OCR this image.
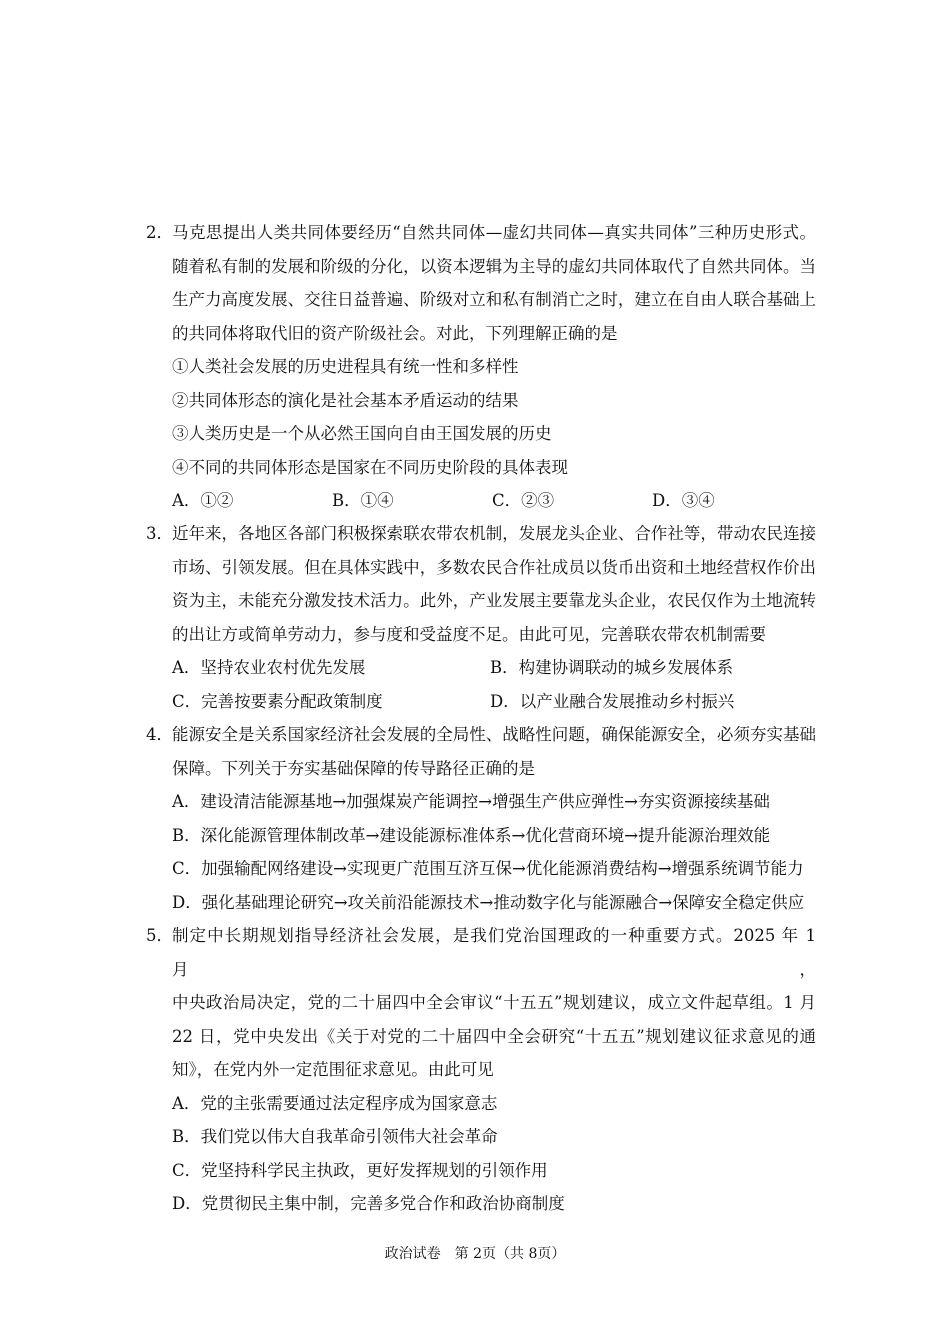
2． 马克思提出人类共同体要经历“自然共同体—虚幻共同体—真实共同体”三种历史形式。
随着私有制的发展和阶级的分化，以资本逻辑为主导的虚幻共同体取代了自然共同体。当
生产力高度发展、交往日益普遍、阶级对立和私有制消亡之时，建立在自由人联合基础上
的共同体将取代旧的资产阶级社会。对此，下列理解正确的是
①人类社会发展的历史进程具有统一性和多样性
②共同体形态的演化是社会基本矛盾运动的结果
③人类历史是一个从必然王国向自由王国发展的历史
④不同的共同体形态是国家在不同历史阶段的具体表现
A．①②	B．①④	C．②③	D．③④
3． 近年来，各地区各部门积极探索联农带农机制，发展龙头企业、合作社等，带动农民连接
市场、引领发展。但在具体实践中，多数农民合作社成员以货币出资和土地经营权作价出
资为主，未能充分激发技术活力。此外，产业发展主要靠龙头企业，农民仅作为土地流转
的出让方或简单劳动力，参与度和受益度不足。由此可见，完善联农带农机制需要
A．坚持农业农村优先发展	B．构建协调联动的城乡发展体系
C．完善按要素分配政策制度	D．以产业融合发展推动乡村振兴
4． 能源安全是关系国家经济社会发展的全局性、战略性问题，确保能源安全，必须夯实基础
保障。下列关于夯实基础保障的传导路径正确的是
A．建设清洁能源基地→加强煤炭产能调控→增强生产供应弹性→夯实资源接续基础
B．深化能源管理体制改革→建设能源标准体系→优化营商环境→提升能源治理效能
C．加强输配网络建设→实现更广范围互济互保→优化能源消费结构→增强系统调节能力
D．强化基础理论研究→攻关前沿能源技术→推动数字化与能源融合→保障安全稳定供应
5． 制定中长期规划指导经济社会发展，是我们党治国理政的一种重要方式。2025 年 1 月，
中央政治局决定，党的二十届四中全会审议“十五五”规划建议，成立文件起草组。1 月
22 日，党中央发出《关于对党的二十届四中全会研究“十五五”规划建议征求意见的通
知》，在党内外一定范围征求意见。由此可见
A．党的主张需要通过法定程序成为国家意志
B．我们党以伟大自我革命引领伟大社会革命
C．党坚持科学民主执政，更好发挥规划的引领作用
D．党贯彻民主集中制，完善多党合作和政治协商制度
政治试卷　第 2页（共 8页）
